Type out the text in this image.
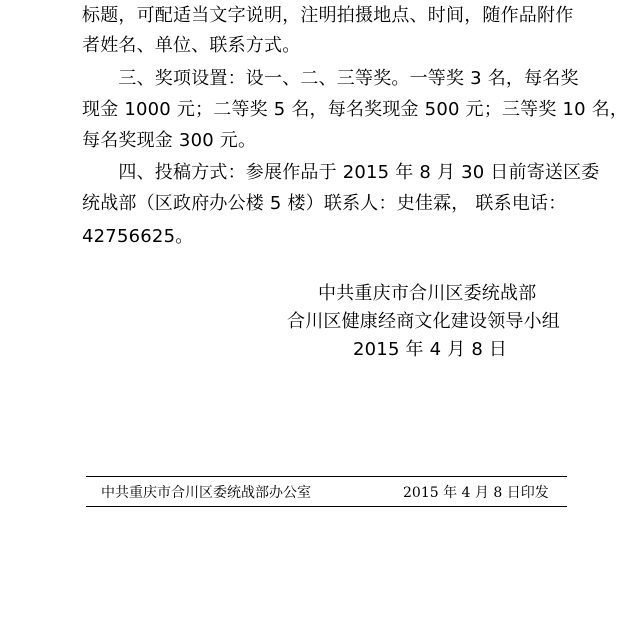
标题，可配适当文字说明，注明拍摄地点、时间，随作品附作
者姓名、单位、联系方式。
　　三、奖项设置：设一、二、三等奖。一等奖 3 名，每名奖
现金 1000 元；二等奖 5 名，每名奖现金 500 元；三等奖 10 名，
每名奖现金 300 元。
　　四、投稿方式：参展作品于 2015 年 8 月 30 日前寄送区委
统战部（区政府办公楼 5 楼）联系人：史佳霖， 联系电话：
42756625。
中共重庆市合川区委统战部
合川区健康经商文化建设领导小组
2015 年 4 月 8 日
中共重庆市合川区委统战部办公室	2015 年 4 月 8 日印发
